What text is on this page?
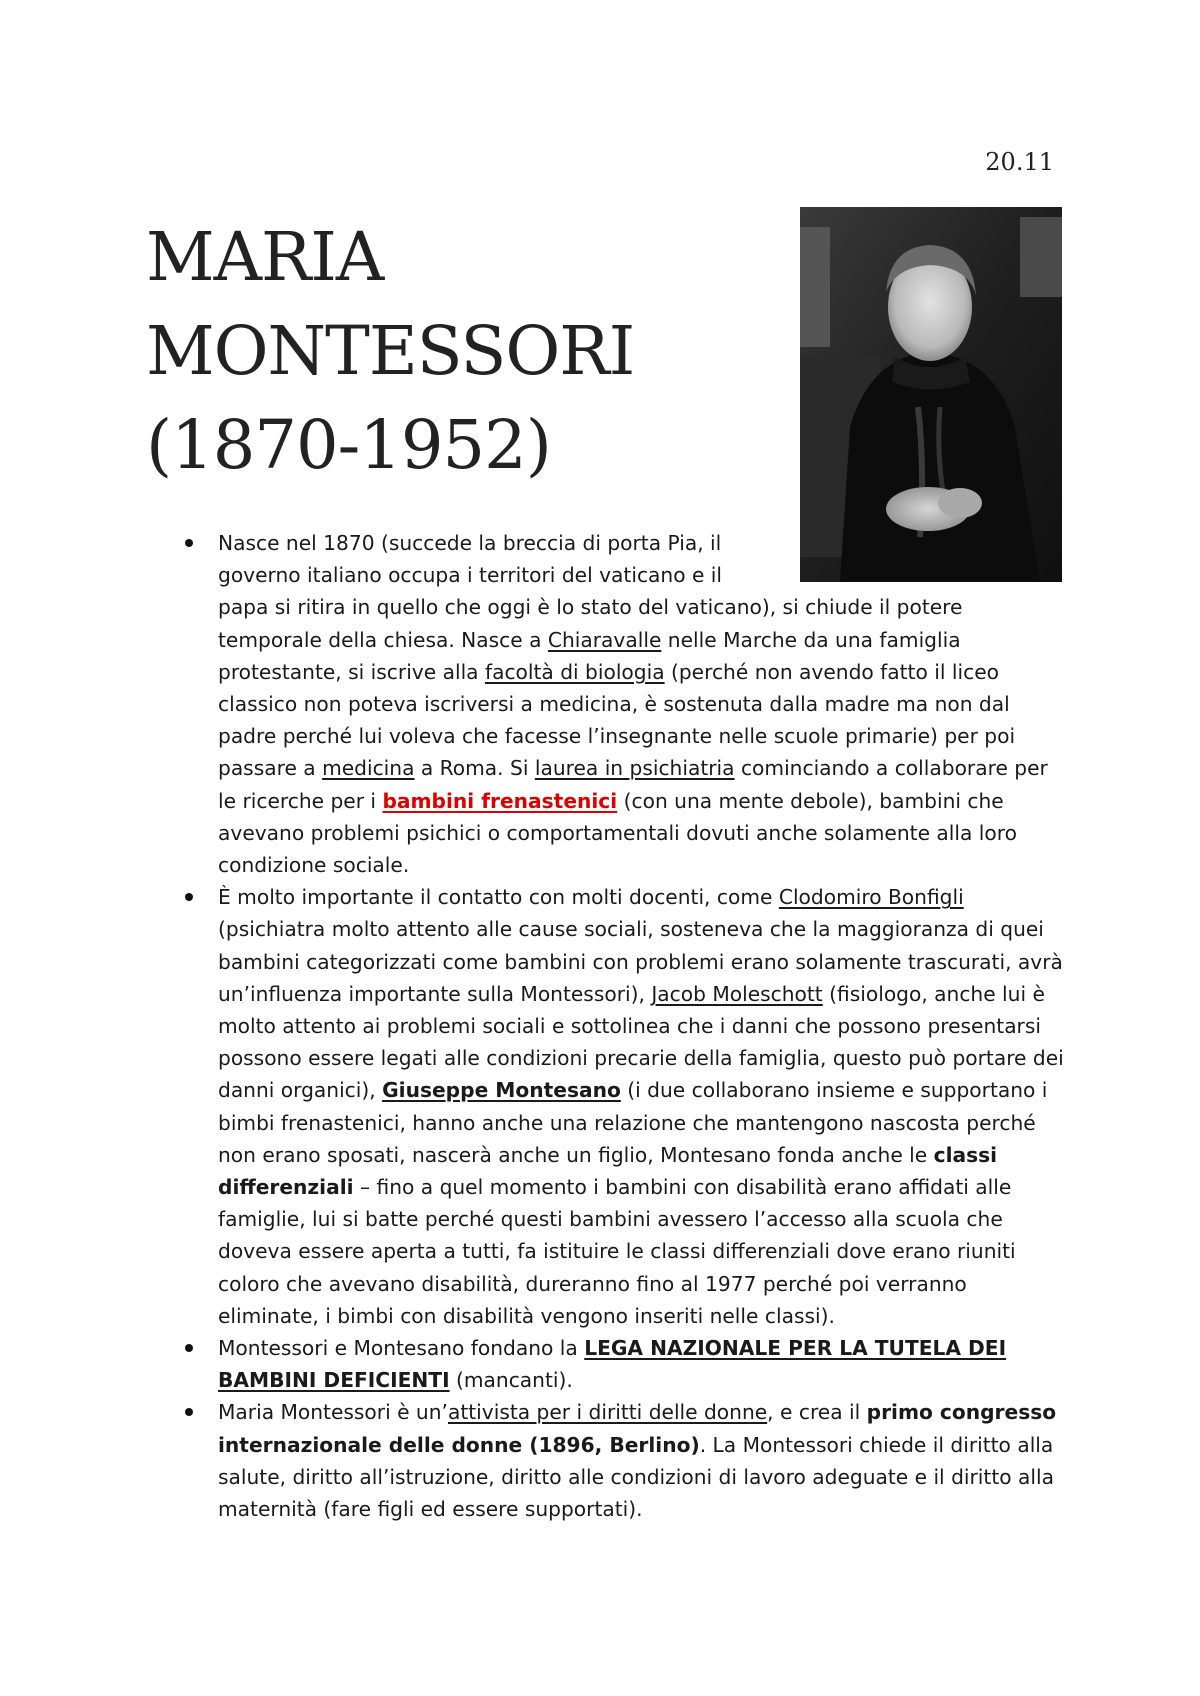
20.11
MARIA
MONTESSORI
(1870-1952)
Nasce nel 1870 (succede la breccia di porta Pia, il governo italiano occupa i territori del vaticano e il
papa si ritira in quello che oggi è lo stato del vaticano), si chiude il potere temporale della chiesa. Nasce a Chiaravalle nelle Marche da una famiglia protestante, si iscrive alla facoltà di biologia (perché non avendo fatto il liceo classico non poteva iscriversi a medicina, è sostenuta dalla madre ma non dal padre perché lui voleva che facesse l’insegnante nelle scuole primarie) per poi passare a medicina a Roma. Si laurea in psichiatria cominciando a collaborare per le ricerche per i bambini frenastenici (con una mente debole), bambini che avevano problemi psichici o comportamentali dovuti anche solamente alla loro condizione sociale.
È molto importante il contatto con molti docenti, come Clodomiro Bonfigli (psichiatra molto attento alle cause sociali, sosteneva che la maggioranza di quei bambini categorizzati come bambini con problemi erano solamente trascurati, avrà un’influenza importante sulla Montessori), Jacob Moleschott (fisiologo, anche lui è molto attento ai problemi sociali e sottolinea che i danni che possono presentarsi possono essere legati alle condizioni precarie della famiglia, questo può portare dei danni organici), Giuseppe Montesano (i due collaborano insieme e supportano i bimbi frenastenici, hanno anche una relazione che mantengono nascosta perché non erano sposati, nascerà anche un figlio, Montesano fonda anche le classi differenziali – fino a quel momento i bambini con disabilità erano affidati alle famiglie, lui si batte perché questi bambini avessero l’accesso alla scuola che doveva essere aperta a tutti, fa istituire le classi differenziali dove erano riuniti coloro che avevano disabilità, dureranno fino al 1977 perché poi verranno eliminate, i bimbi con disabilità vengono inseriti nelle classi).
Montessori e Montesano fondano la LEGA NAZIONALE PER LA TUTELA DEI BAMBINI DEFICIENTI (mancanti).
Maria Montessori è un’attivista per i diritti delle donne, e crea il primo congresso internazionale delle donne (1896, Berlino). La Montessori chiede il diritto alla salute, diritto all’istruzione, diritto alle condizioni di lavoro adeguate e il diritto alla maternità (fare figli ed essere supportati).
